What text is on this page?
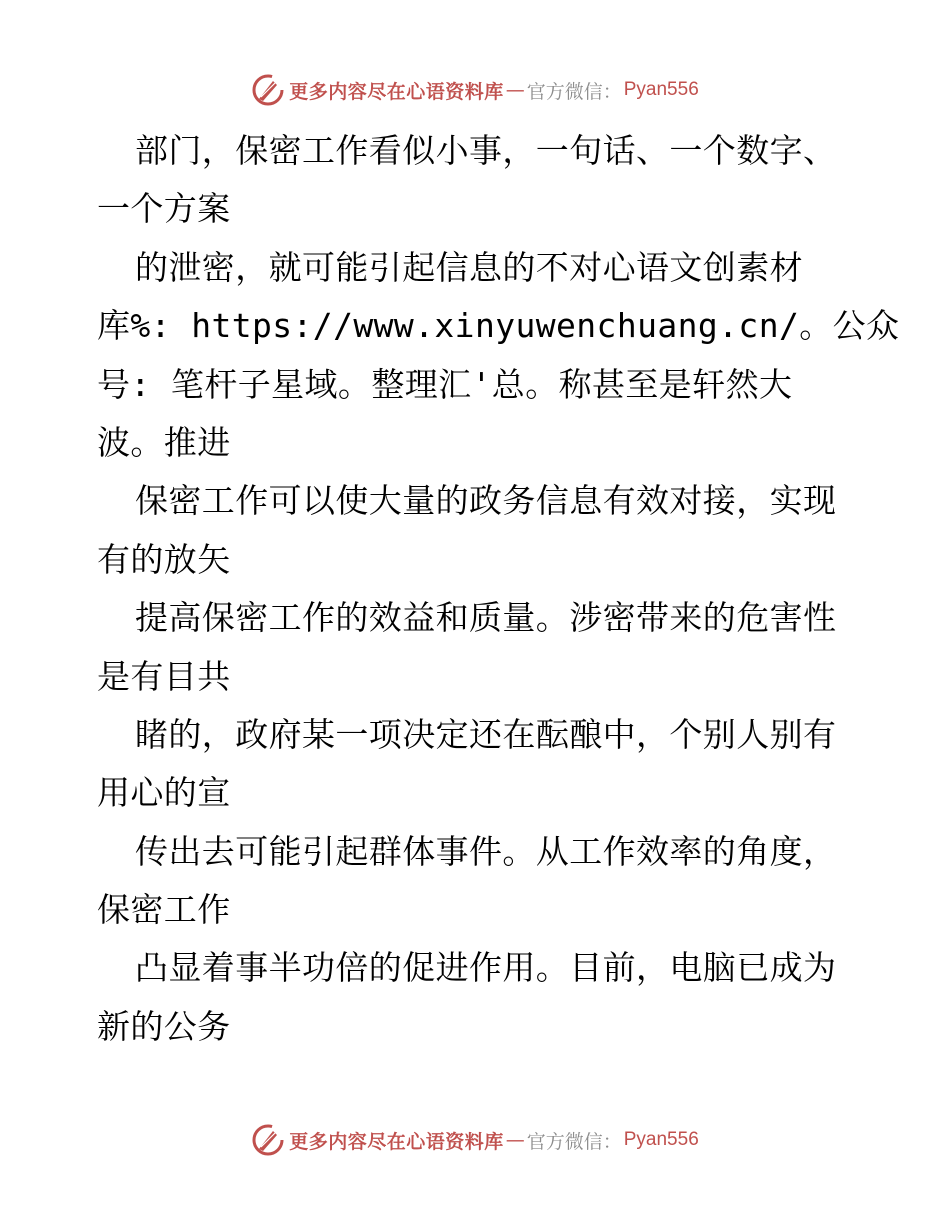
更多内容尽在心语资料库 — 官方微信： Pyan556
部门，保密工作看似小事，一句话、一个数字、
一个方案
的泄密，就可能引起信息的不对心语文创素材
库%: https://www.xinyuwenchuang.cn/。公众
号: 笔杆子星域。整理汇'总。称甚至是轩然大
波。推进
保密工作可以使大量的政务信息有效对接，实现
有的放矢
提高保密工作的效益和质量。涉密带来的危害性
是有目共
睹的，政府某一项决定还在酝酿中，个别人别有
用心的宣
传出去可能引起群体事件。从工作效率的角度，
保密工作
凸显着事半功倍的促进作用。目前，电脑已成为
新的公务
更多内容尽在心语资料库 — 官方微信： Pyan556
